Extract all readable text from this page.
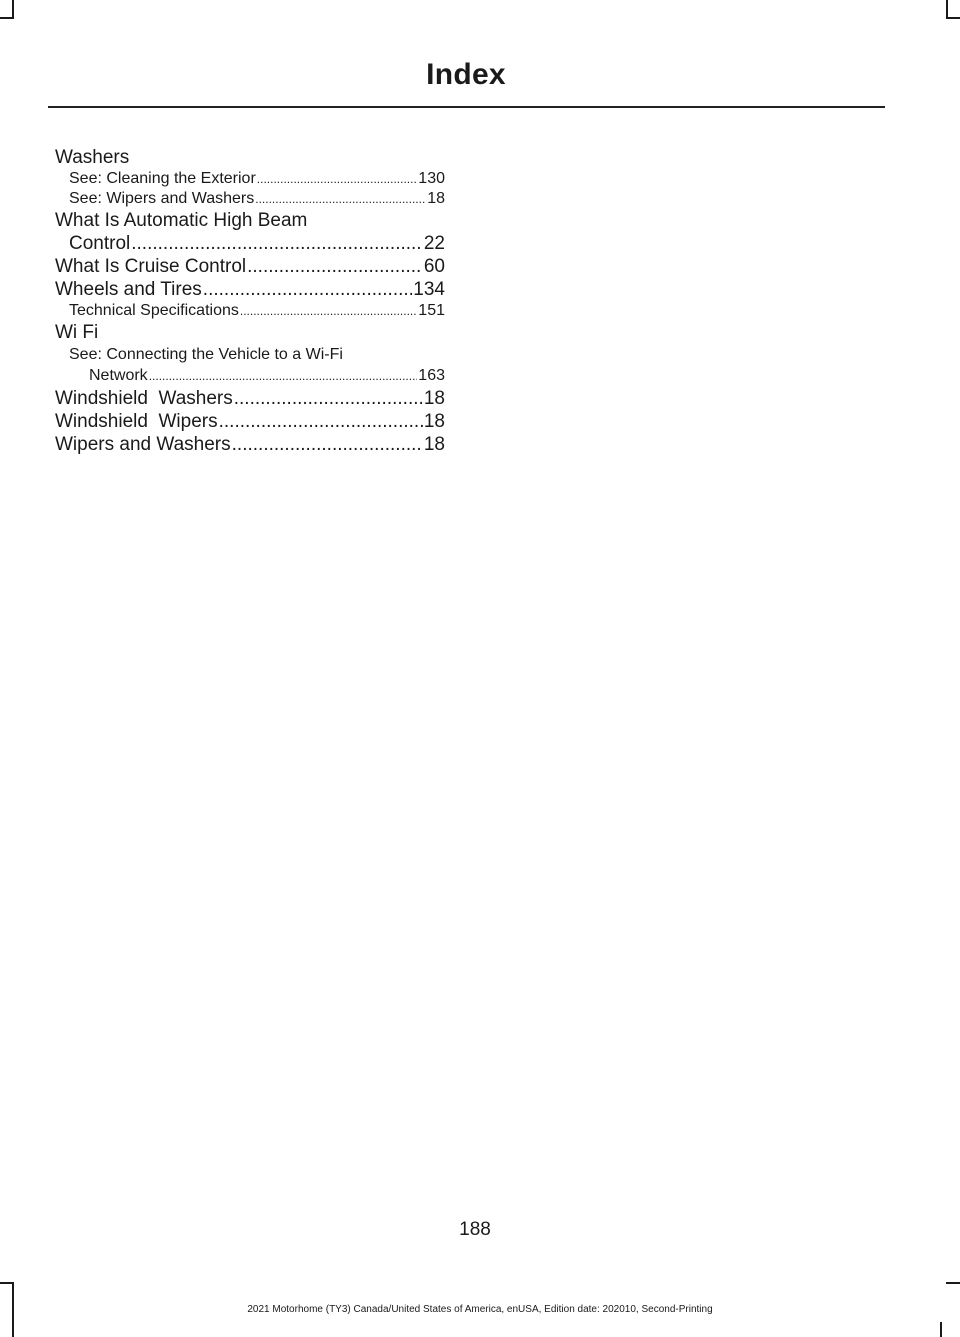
Index
Washers
See: Cleaning the Exterior .....	130
See: Wipers and Washers .....	18
What Is Automatic High Beam
Control .....	22
What Is Cruise Control .....	60
Wheels and Tires .....	134
Technical Specifications .....	151
Wi Fi
See: Connecting the Vehicle to a Wi-Fi
Network .....	163
Windshield  Washers .....	18
Windshield  Wipers .....	18
Wipers and Washers .....	18
188
2021 Motorhome (TY3) Canada/United States of America, enUSA, Edition date: 202010, Second-Printing
